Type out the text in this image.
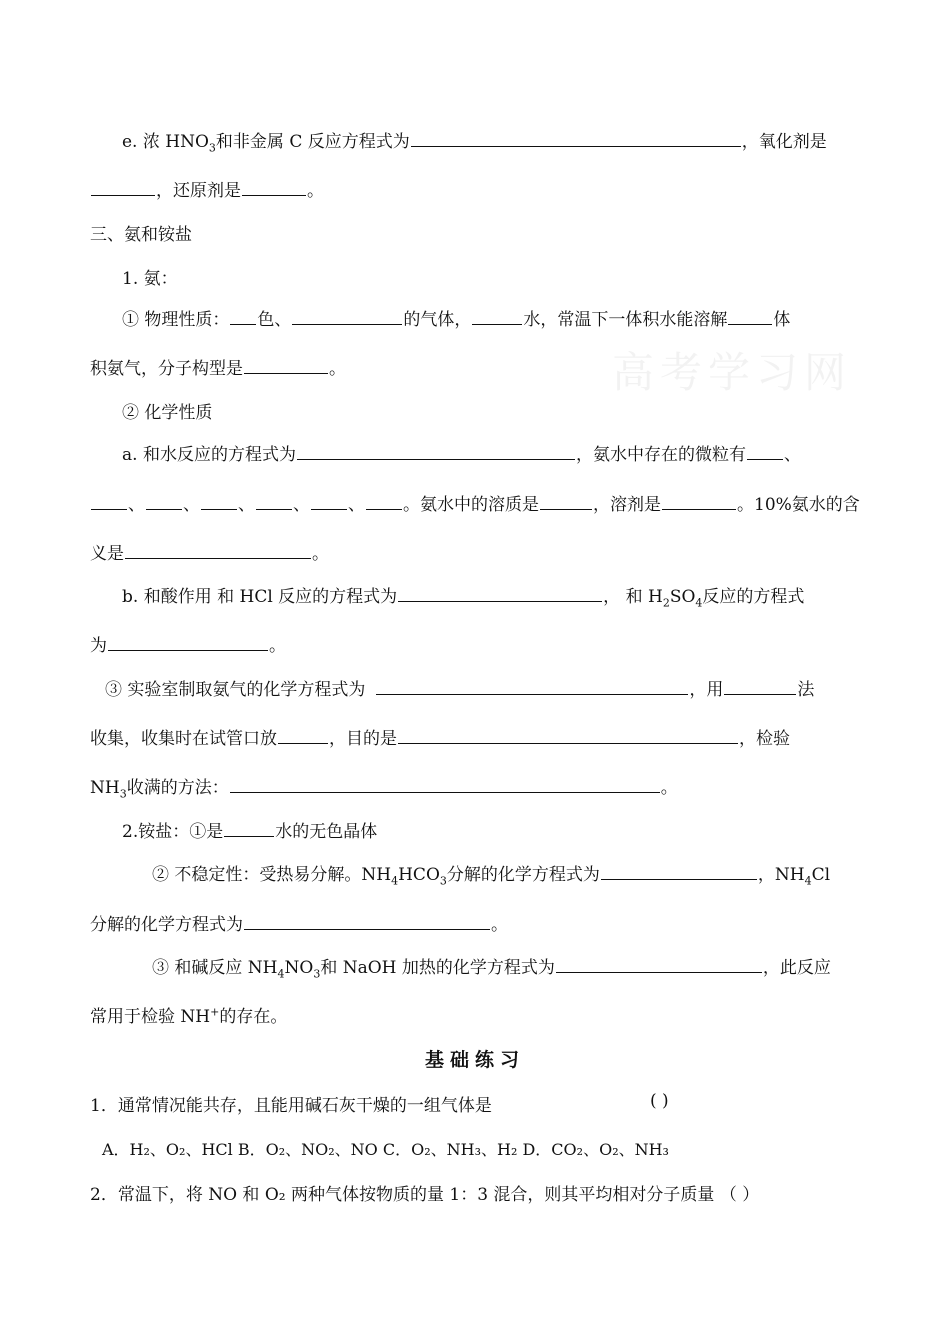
高考学习网
e. 浓 $HNO_3$和非金属 C 反应方程式为	，氧化剂是
，还原剂是	。
三、氨和铵盐
1. 氨：
① 物理性质： 色、	的气体，	水，常温下一体积水能溶解	体
积氨气，分子构型是	。
② 化学性质
a. 和水反应的方程式为	，氨水中存在的微粒有 、
、 、 、 、 、 。氨水中的溶质是	，溶剂是	。10%氨水的含
义是	。
b. 和酸作用 和 HCl 反应的方程式为	， 和 $H_2SO_4$反应的方程式
为	。
③ 实验室制取氨气的化学方程式为	，用	法
收集，收集时在试管口放	，目的是	，检验
$NH_3$收满的方法：	。
2.铵盐：①是	水的无色晶体
② 不稳定性：受热易分解。$NH_4HCO_3$分解的化学方程式为	，$NH_4Cl$
分解的化学方程式为	。
③ 和碱反应 $NH_4NO_3$和 NaOH 加热的化学方程式为	，此反应
常用于检验 NH+的存在。
基础练习
1．通常情况能共存，且能用碱石灰干燥的一组气体是	( )
A．H₂、O₂、HCl B．O₂、NO₂、NO C．O₂、NH₃、H₂ D．CO₂、O₂、NH₃
2．常温下，将 NO 和 O₂ 两种气体按物质的量 1：3 混合，则其平均相对分子质量 （ ）
